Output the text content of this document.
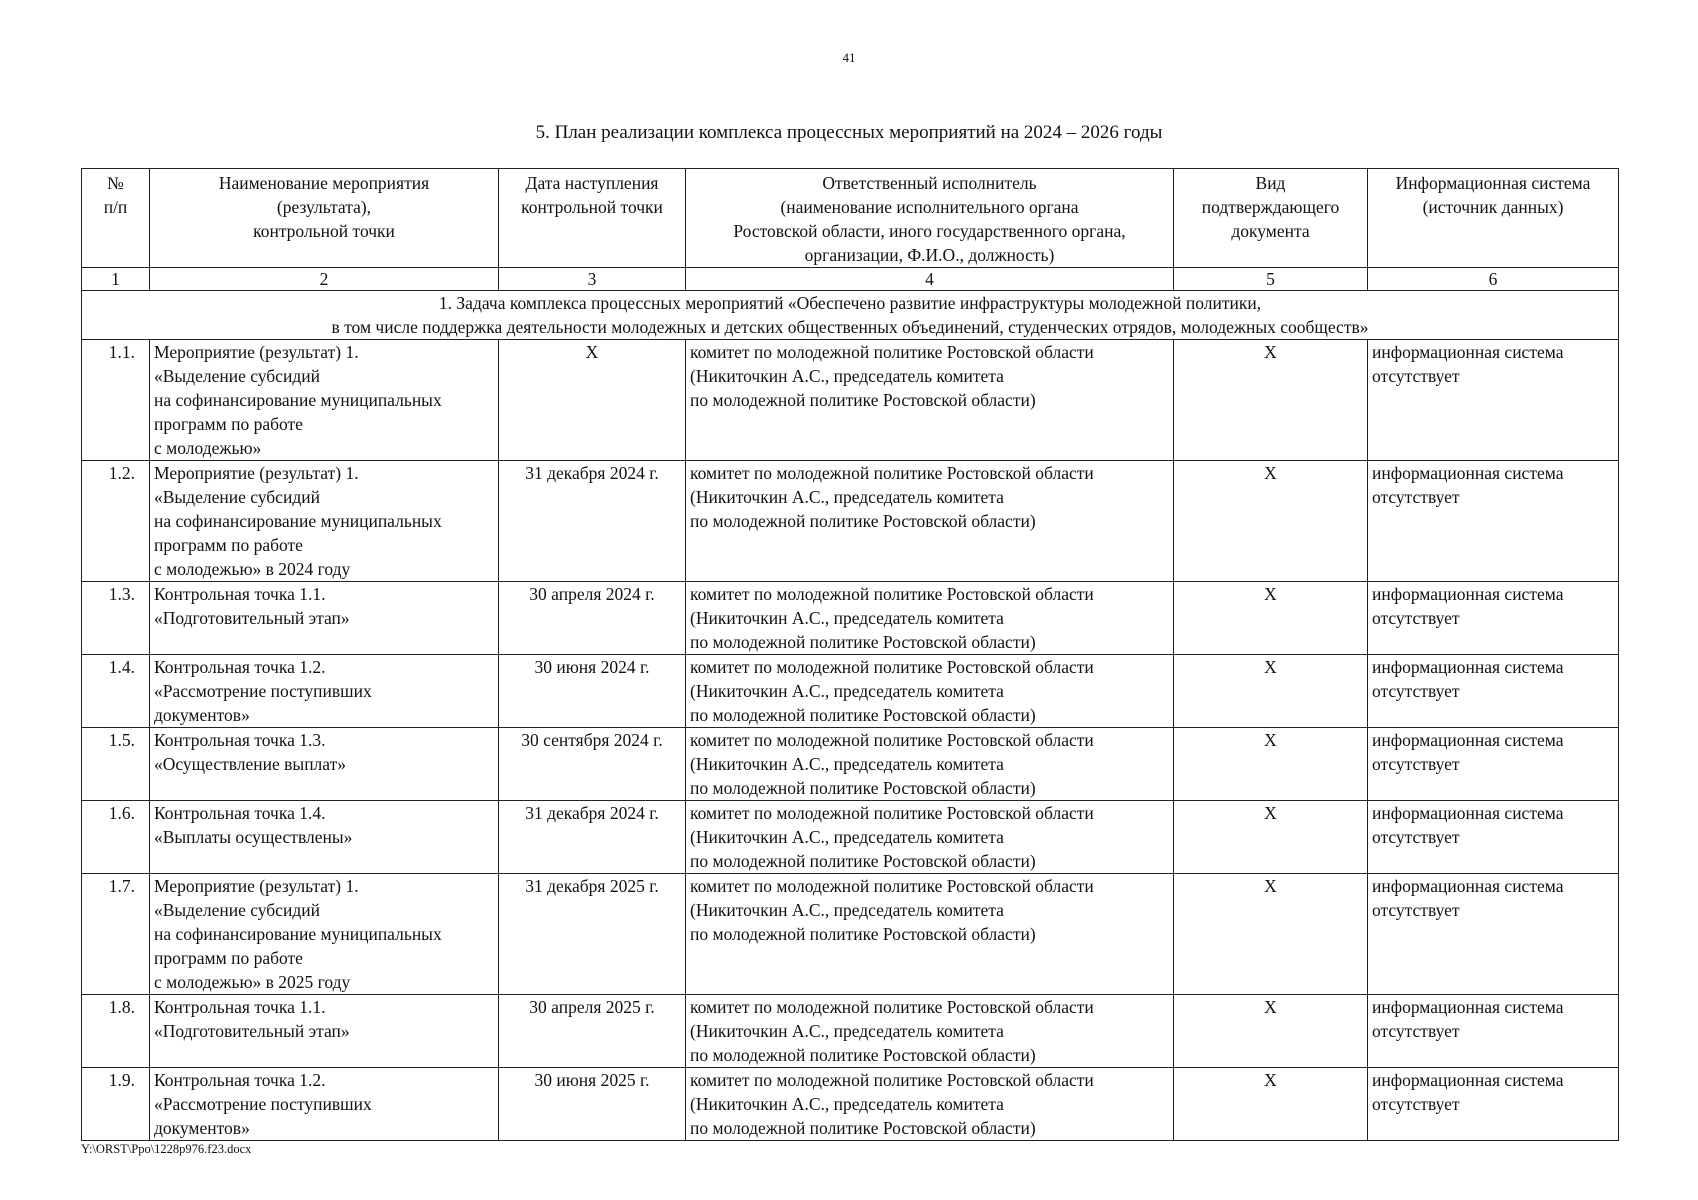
41
5. План реализации комплекса процессных мероприятий на 2024 – 2026 годы
№
п/п	Наименование мероприятия
(результата),
контрольной точки	Дата наступления
контрольной точки	Ответственный исполнитель
(наименование исполнительного органа
Ростовской области, иного государственного органа,
организации, Ф.И.О., должность)	Вид
подтверждающего
документа	Информационная система
(источник данных)
1	2	3	4	5	6
1. Задача комплекса процессных мероприятий «Обеспечено развитие инфраструктуры молодежной политики,
в том числе поддержка деятельности молодежных и детских общественных объединений, студенческих отрядов, молодежных сообществ»					
1.1.	Мероприятие (результат) 1.
«Выделение субсидий
на софинансирование муниципальных
программ по работе
с молодежью»	Х	комитет по молодежной политике Ростовской области
(Никиточкин А.С., председатель комитета
по молодежной политике Ростовской области)	Х	информационная система
отсутствует
1.2.	Мероприятие (результат) 1.
«Выделение субсидий
на софинансирование муниципальных
программ по работе
с молодежью» в 2024 году	31 декабря 2024 г.	комитет по молодежной политике Ростовской области
(Никиточкин А.С., председатель комитета
по молодежной политике Ростовской области)	Х	информационная система
отсутствует
1.3.	Контрольная точка 1.1.
«Подготовительный этап»	30 апреля 2024 г.	комитет по молодежной политике Ростовской области
(Никиточкин А.С., председатель комитета
по молодежной политике Ростовской области)	Х	информационная система
отсутствует
1.4.	Контрольная точка 1.2.
«Рассмотрение поступивших
документов»	30 июня 2024 г.	комитет по молодежной политике Ростовской области
(Никиточкин А.С., председатель комитета
по молодежной политике Ростовской области)	Х	информационная система
отсутствует
1.5.	Контрольная точка 1.3.
«Осуществление выплат»	30 сентября 2024 г.	комитет по молодежной политике Ростовской области
(Никиточкин А.С., председатель комитета
по молодежной политике Ростовской области)	Х	информационная система
отсутствует
1.6.	Контрольная точка 1.4.
«Выплаты осуществлены»	31 декабря 2024 г.	комитет по молодежной политике Ростовской области
(Никиточкин А.С., председатель комитета
по молодежной политике Ростовской области)	Х	информационная система
отсутствует
1.7.	Мероприятие (результат) 1.
«Выделение субсидий
на софинансирование муниципальных
программ по работе
с молодежью» в 2025 году	31 декабря 2025 г.	комитет по молодежной политике Ростовской области
(Никиточкин А.С., председатель комитета
по молодежной политике Ростовской области)	Х	информационная система
отсутствует
1.8.	Контрольная точка 1.1.
«Подготовительный этап»	30 апреля 2025 г.	комитет по молодежной политике Ростовской области
(Никиточкин А.С., председатель комитета
по молодежной политике Ростовской области)	Х	информационная система
отсутствует
1.9.	Контрольная точка 1.2.
«Рассмотрение поступивших
документов»	30 июня 2025 г.	комитет по молодежной политике Ростовской области
(Никиточкин А.С., председатель комитета
по молодежной политике Ростовской области)	Х	информационная система
отсутствует
Y:\ORST\Ppo\1228p976.f23.docx
